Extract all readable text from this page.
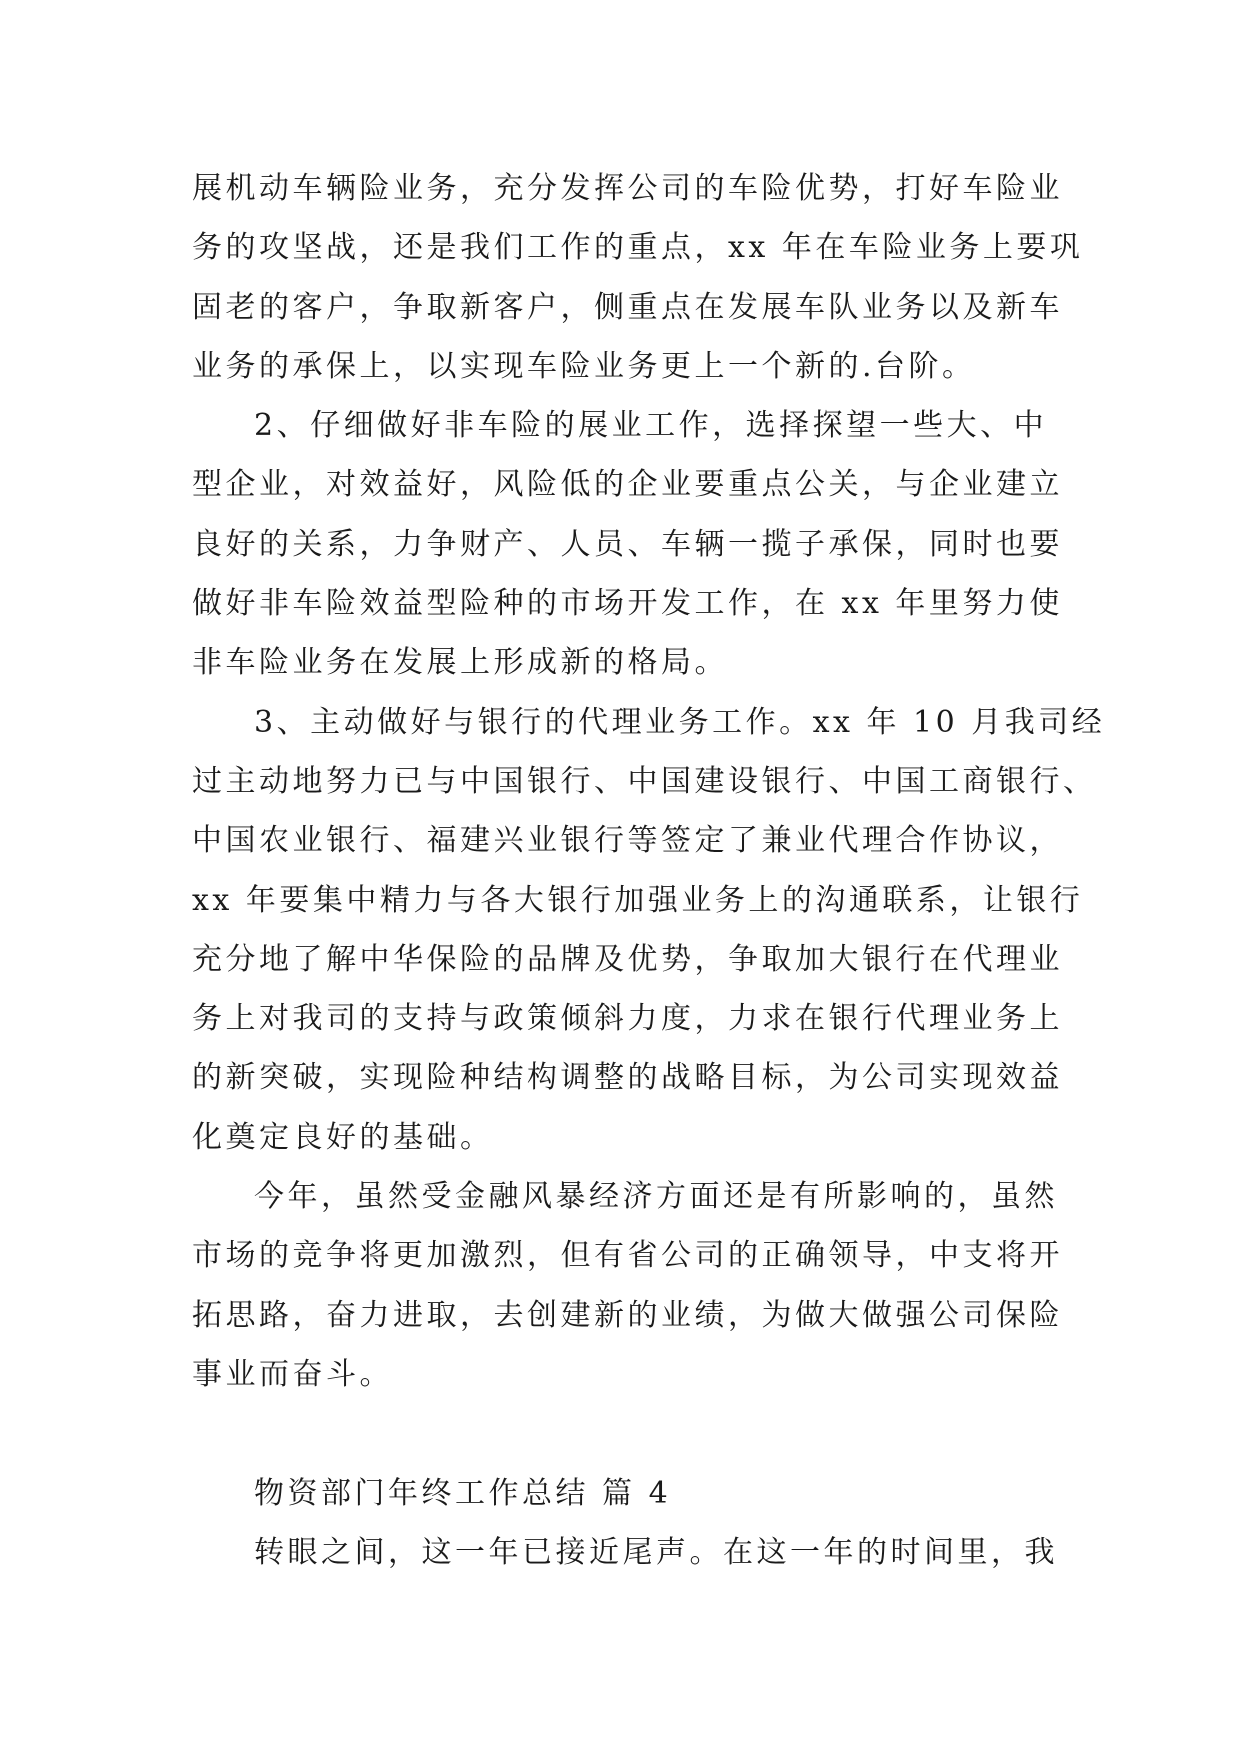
展机动车辆险业务，充分发挥公司的车险优势，打好车险业
务的攻坚战，还是我们工作的重点，xx 年在车险业务上要巩
固老的客户，争取新客户，侧重点在发展车队业务以及新车
业务的承保上，以实现车险业务更上一个新的.台阶。
2、仔细做好非车险的展业工作，选择探望一些大、中
型企业，对效益好，风险低的企业要重点公关，与企业建立
良好的关系，力争财产、人员、车辆一揽子承保，同时也要
做好非车险效益型险种的市场开发工作，在 xx 年里努力使
非车险业务在发展上形成新的格局。
3、主动做好与银行的代理业务工作。xx 年 10 月我司经
过主动地努力已与中国银行、中国建设银行、中国工商银行、
中国农业银行、福建兴业银行等签定了兼业代理合作协议，
xx 年要集中精力与各大银行加强业务上的沟通联系，让银行
充分地了解中华保险的品牌及优势，争取加大银行在代理业
务上对我司的支持与政策倾斜力度，力求在银行代理业务上
的新突破，实现险种结构调整的战略目标，为公司实现效益
化奠定良好的基础。
今年，虽然受金融风暴经济方面还是有所影响的，虽然
市场的竞争将更加激烈，但有省公司的正确领导，中支将开
拓思路，奋力进取，去创建新的业绩，为做大做强公司保险
事业而奋斗。
物资部门年终工作总结 篇 4
转眼之间，这一年已接近尾声。在这一年的时间里，我
